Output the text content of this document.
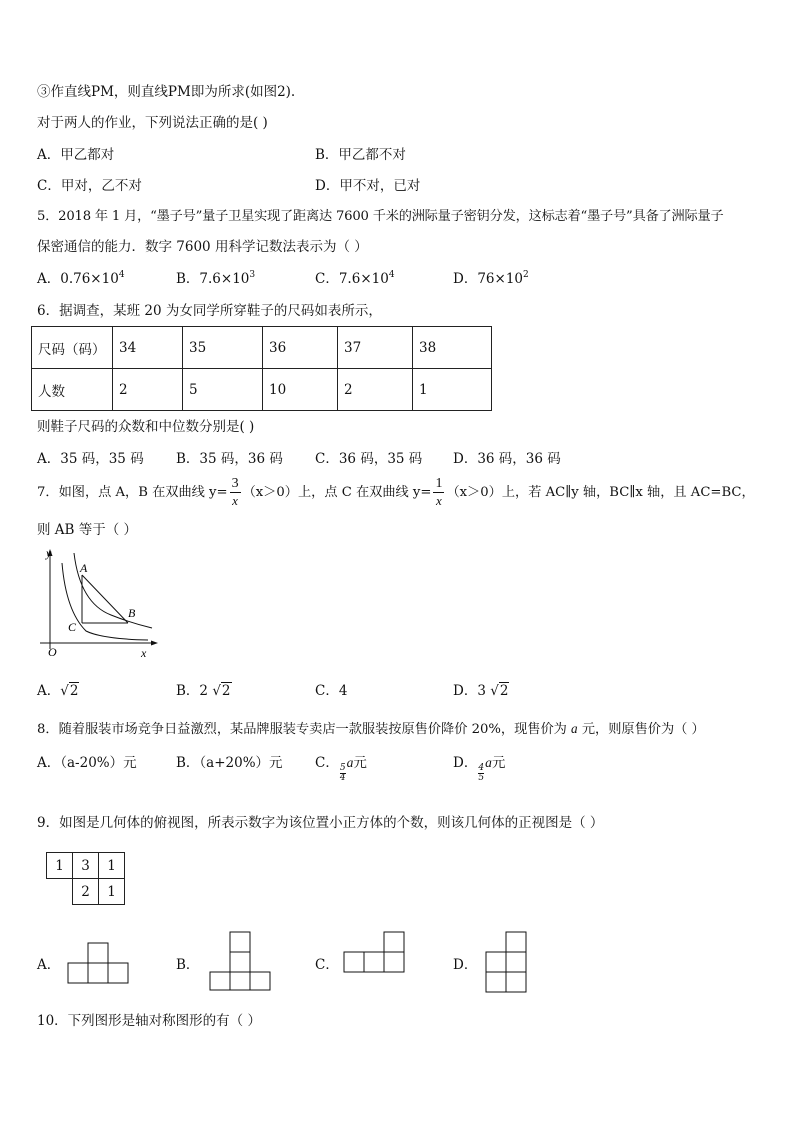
③作直线PM，则直线PM即为所求(如图2).
对于两人的作业，下列说法正确的是( )
A．甲乙都对	B．甲乙都不对
C．甲对，乙不对	D．甲不对，已对
5．2018 年 1 月，“墨子号”量子卫星实现了距离达 7600 千米的洲际量子密钥分发，这标志着“墨子号”具备了洲际量子
保密通信的能力．数字 7600 用科学记数法表示为（ ）
A．$0.76\times 10^4$	B．$7.6\times 10^3$	C．$7.6\times 10^4$	D．$76\times 10^2$
6．据调查，某班 20 为女同学所穿鞋子的尺码如表所示，
尺码（码）	34	35	36	37	38
人数	2	5	10	2	1
则鞋子尺码的众数和中位数分别是( )
A．35 码，35 码 B．35 码，36 码 C．36 码，35 码 D．36 码，36 码
7．如图，点 A，B 在双曲线 $y= \frac{3}{x} (x>0)$上，点 C 在双曲线 $y= \frac{1}{x} (x>0)$上，若 AC∥y 轴，BC∥x 轴，且 AC=BC，
则 AB 等于（ ）
y
x
O
A
B
C
A．√2	B．2 √2	C．4	D．3 √2
8．随着服装市场竞争日益激烈，某品牌服装专卖店一款服装按原售价降价 20%，现售价为 a 元，则原售价为（ ）
A．（a-20%）元	B．（a+20%）元 C．
$\frac{5}{4}$
a元	D．
$\frac{4}{5}$
a元
9．如图是几何体的俯视图，所表示数字为该位置小正方体的个数，则该几何体的正视图是（ ）
1	3	1
	2	1
A．	B．	C．	D．
10．下列图形是轴对称图形的有（ ）
